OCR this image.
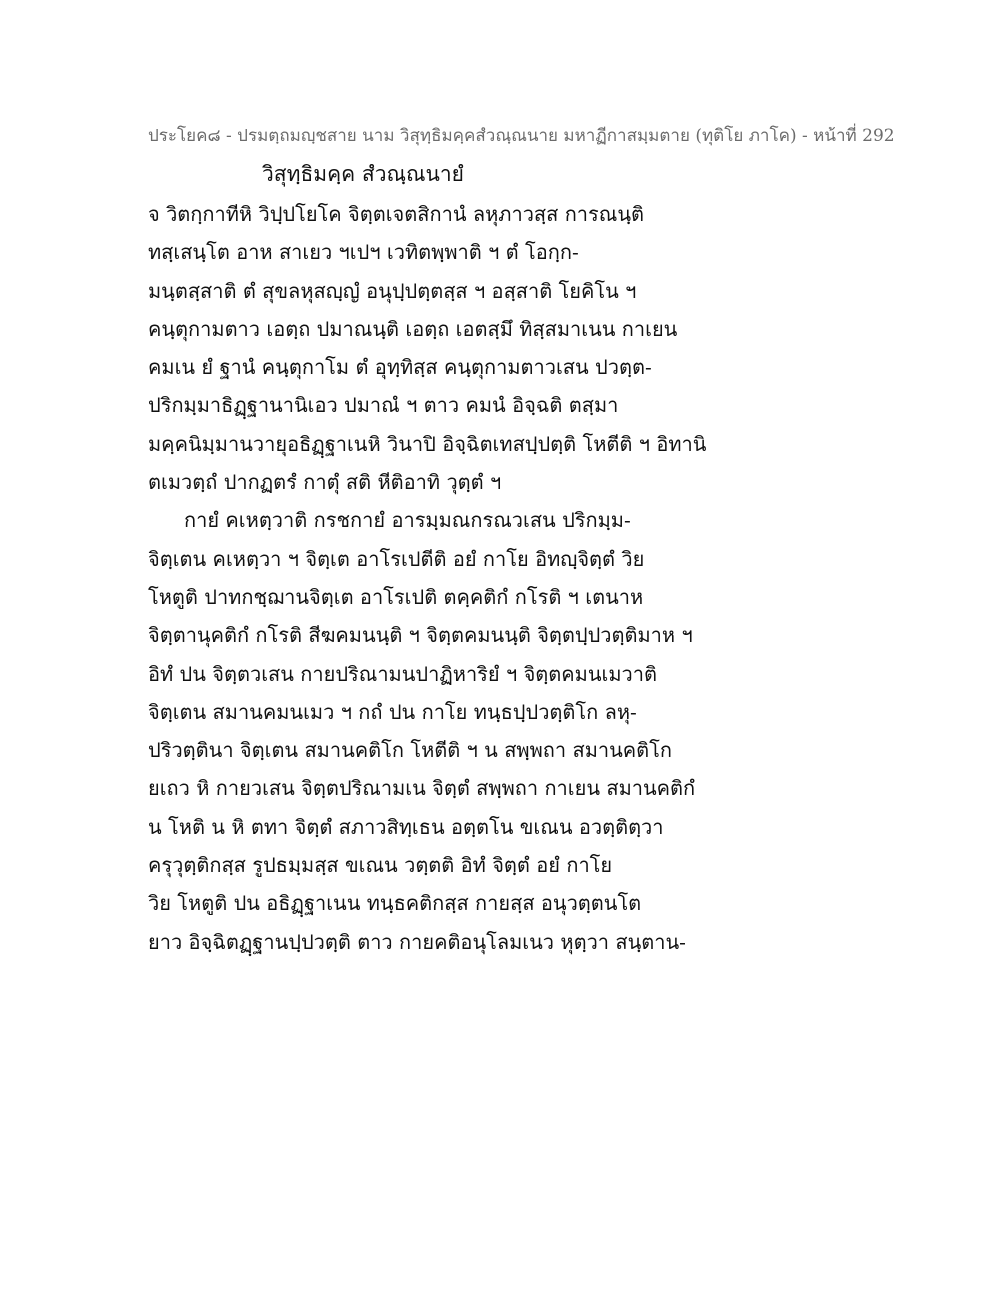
ประโยค๘ - ปรมตฺถมญฺชสาย นาม วิสุทฺธิมคฺคสํวณฺณนาย มหาฏีกาสมฺมตาย (ทุติโย ภาโค) - หน้าที่ 292
วิสุทฺธิมคฺค สํวณฺณนายํ
จ วิตกฺกาทีหิ วิปฺปโยโค จิตฺตเจตสิกานํ ลหุภาวสฺส การณนฺติ
ทสฺเสนฺโต อาห สาเยว ฯเปฯ เวทิตพฺพาติ ฯ ตํ โอกฺก-
มนฺตสฺสาติ ตํ สุขลหุสญฺญํ อนุปฺปตฺตสฺส ฯ อสฺสาติ โยคิโน ฯ
คนฺตุกามตาว เอตฺถ ปมาณนฺติ เอตฺถ เอตสฺมึ ทิสฺสมาเนน กาเยน
คมเน ยํ ฐานํ คนฺตุกาโม ตํ อุทฺทิสฺส คนฺตุกามตาวเสน ปวตฺต-
ปริกมฺมาธิฏฺฐานานิเอว ปมาณํ ฯ ตาว คมนํ อิจฺฉติ ตสฺมา
มคฺคนิมฺมานวายุอธิฏฺฐาเนหิ วินาปิ อิจฺฉิตเทสปฺปตฺติ โหตีติ ฯ อิทานิ
ตเมวตฺถํ ปากฏตรํ กาตุํ สติ หีติอาทิ วุตฺตํ ฯ
กายํ คเหตฺวาติ กรชกายํ อารมฺมณกรณวเสน ปริกมฺม-
จิตฺเตน คเหตฺวา ฯ จิตฺเต อาโรเปตีติ อยํ กาโย อิทญฺจิตฺตํ วิย
โหตูติ ปาทกชฺฌานจิตฺเต อาโรเปติ ตคฺคติกํ กโรติ ฯ เตนาห
จิตฺตานุคติกํ กโรติ สีฆคมนนฺติ ฯ จิตฺตคมนนฺติ จิตฺตปฺปวตฺติมาห ฯ
อิทํ ปน จิตฺตวเสน กายปริณามนปาฏิหาริยํ ฯ จิตฺตคมนเมวาติ
จิตฺเตน สมานคมนเมว ฯ กถํ ปน กาโย ทนฺธปฺปวตฺติโก ลหุ-
ปริวตฺตินา จิตฺเตน สมานคติโก โหตีติ ฯ น สพฺพถา สมานคติโก
ยเถว หิ กายวเสน จิตฺตปริณามเน จิตฺตํ สพฺพถา กาเยน สมานคติกํ
น โหติ น หิ ตทา จิตฺตํ สภาวสิทฺเธน อตฺตโน ขเณน อวตฺติตฺวา
ครุวุตฺติกสฺส รูปธมฺมสฺส ขเณน วตฺตติ อิทํ จิตฺตํ อยํ กาโย
วิย โหตูติ ปน อธิฏฺฐาเนน ทนฺธคติกสฺส กายสฺส อนุวตฺตนโต
ยาว อิจฺฉิตฏฺฐานปฺปวตฺติ ตาว กายคติอนุโลมเนว หุตฺวา สนฺตาน-
